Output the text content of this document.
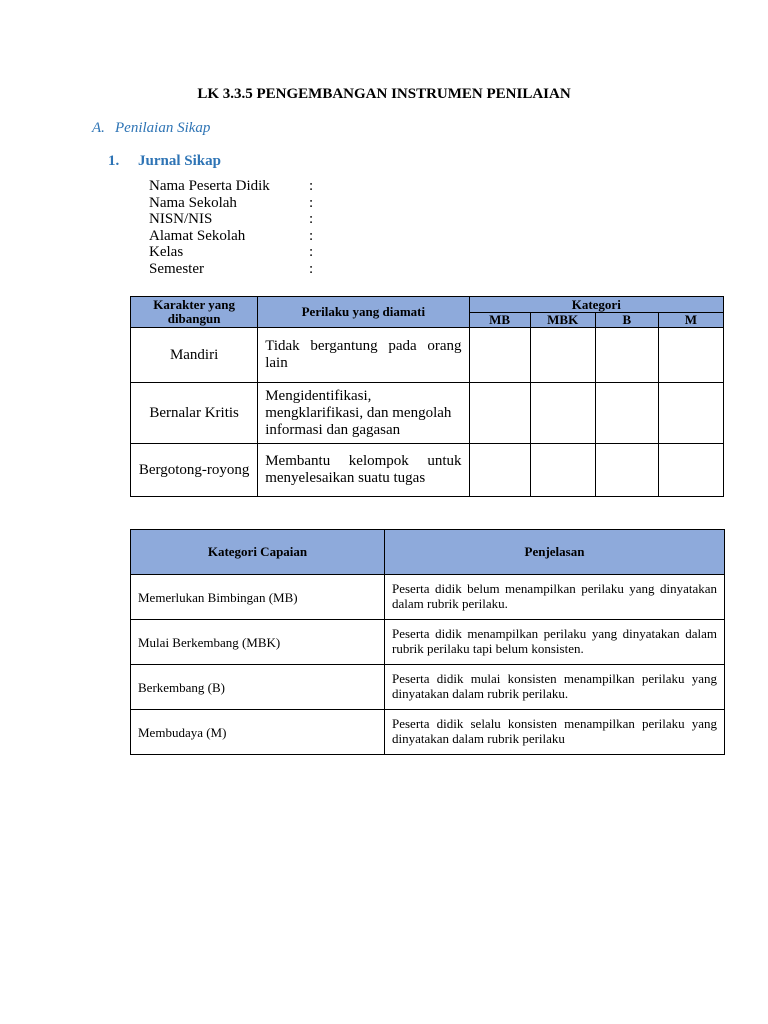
LK 3.3.5 PENGEMBANGAN INSTRUMEN PENILAIAN
A. Penilaian Sikap
1. Jurnal Sikap
Nama Peserta Didik	:
Nama Sekolah	:
NISN/NIS	:
Alamat Sekolah	:
Kelas	:
Semester	:
Karakter yang dibangun	Perilaku yang diamati	Kategori			
		MB	MBK	B	M
Mandiri	Tidak bergantung pada orang lain				
Bernalar Kritis	Mengidentifikasi, mengklarifikasi, dan mengolah informasi dan gagasan				
Bergotong-royong	Membantu kelompok untuk menyelesaikan suatu tugas				
Kategori Capaian	Penjelasan
Memerlukan Bimbingan (MB)	Peserta didik belum menampilkan perilaku yang dinyatakan dalam rubrik perilaku.
Mulai Berkembang (MBK)	Peserta didik menampilkan perilaku yang dinyatakan dalam rubrik perilaku tapi belum konsisten.
Berkembang (B)	Peserta didik mulai konsisten menampilkan perilaku yang dinyatakan dalam rubrik perilaku.
Membudaya (M)	Peserta didik selalu konsisten menampilkan perilaku yang dinyatakan dalam rubrik perilaku
